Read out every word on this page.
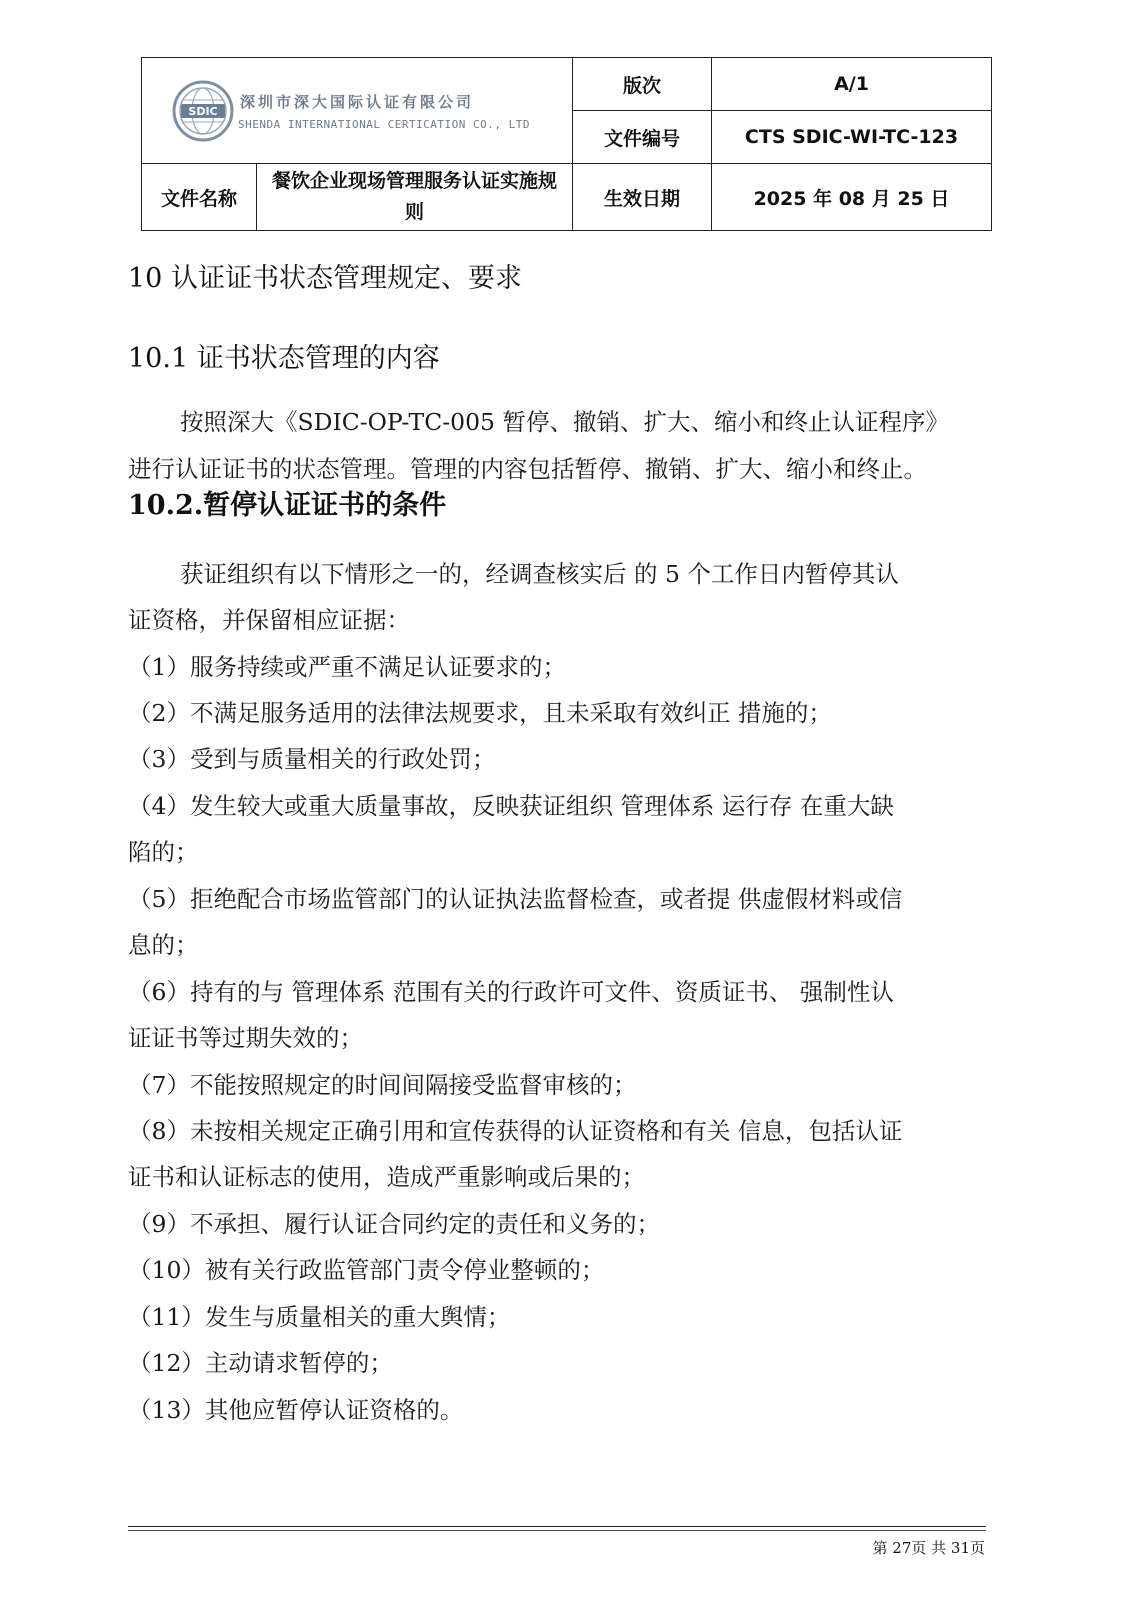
SDIC
深圳市深大国际认证有限公司
SHENDA INTERNATIONAL CERTICATION CO., LTD		版次	A/1
		文件编号	CTS SDIC-WI-TC-123
文件名称	餐饮企业现场管理服务认证实施规则	生效日期	2025 年 08 月 25 日
10 认证证书状态管理规定、要求
10.1 证书状态管理的内容
按照深大《SDIC-OP-TC-005 暂停、撤销、扩大、缩小和终止认证程序》
进行认证证书的状态管理。管理的内容包括暂停、撤销、扩大、缩小和终止。
10.2.暂停认证证书的条件
获证组织有以下情形之一的，经调查核实后 的 5 个工作日内暂停其认
证资格，并保留相应证据：
（1）服务持续或严重不满足认证要求的；
（2）不满足服务适用的法律法规要求，且未采取有效纠正 措施的；
（3）受到与质量相关的行政处罚；
（4）发生较大或重大质量事故，反映获证组织 管理体系 运行存 在重大缺
陷的；
（5）拒绝配合市场监管部门的认证执法监督检查，或者提 供虚假材料或信
息的；
（6）持有的与 管理体系 范围有关的行政许可文件、资质证书、 强制性认
证证书等过期失效的；
（7）不能按照规定的时间间隔接受监督审核的；
（8）未按相关规定正确引用和宣传获得的认证资格和有关 信息，包括认证
证书和认证标志的使用，造成严重影响或后果的；
（9）不承担、履行认证合同约定的责任和义务的；
（10）被有关行政监管部门责令停业整顿的；
（11）发生与质量相关的重大舆情；
（12）主动请求暂停的；
（13）其他应暂停认证资格的。
第 27页 共 31页
